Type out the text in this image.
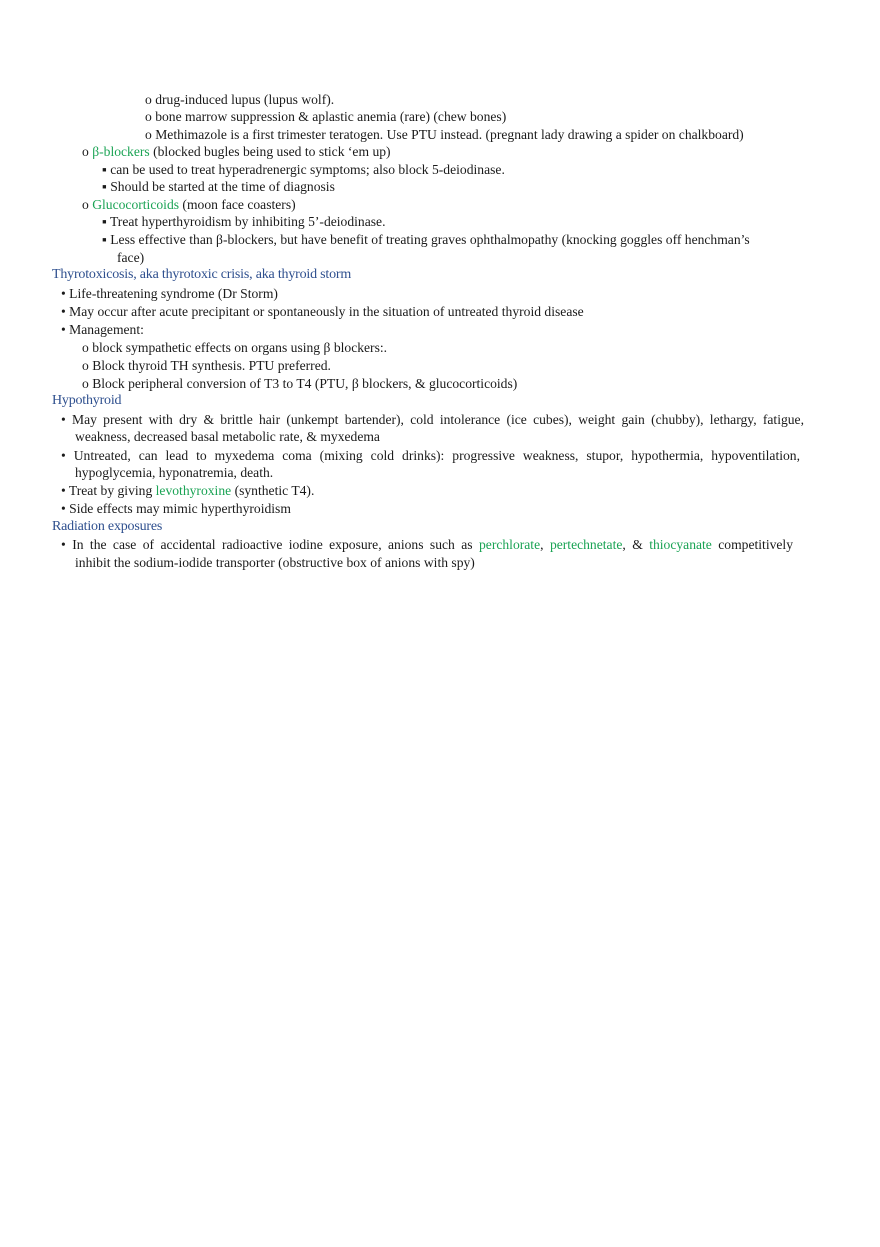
o drug-induced lupus (lupus wolf).
o bone marrow suppression & aplastic anemia (rare) (chew bones)
o Methimazole is a first trimester teratogen. Use PTU instead. (pregnant lady drawing a spider on chalkboard)
o β-blockers (blocked bugles being used to stick ‘em up)
▪ can be used to treat hyperadrenergic symptoms; also block 5-deiodinase.
▪ Should be started at the time of diagnosis
o Glucocorticoids (moon face coasters)
▪ Treat hyperthyroidism by inhibiting 5’-deiodinase.
▪ Less effective than β-blockers, but have benefit of treating graves ophthalmopathy (knocking goggles off henchman’s
face)
Thyrotoxicosis, aka thyrotoxic crisis, aka thyroid storm
• Life-threatening syndrome (Dr Storm)
• May occur after acute precipitant or spontaneously in the situation of untreated thyroid disease
• Management:
o block sympathetic effects on organs using β blockers:.
o Block thyroid TH synthesis. PTU preferred.
o Block peripheral conversion of T3 to T4 (PTU, β blockers, & glucocorticoids)
Hypothyroid
• May present with dry & brittle hair (unkempt bartender), cold intolerance (ice cubes), weight gain (chubby), lethargy, fatigue,
weakness, decreased basal metabolic rate, & myxedema
• Untreated, can lead to myxedema coma (mixing cold drinks): progressive weakness, stupor, hypothermia, hypoventilation,
hypoglycemia, hyponatremia, death.
• Treat by giving levothyroxine (synthetic T4).
• Side effects may mimic hyperthyroidism
Radiation exposures
• In the case of accidental radioactive iodine exposure, anions such as perchlorate, pertechnetate, & thiocyanate competitively
inhibit the sodium-iodide transporter (obstructive box of anions with spy)
